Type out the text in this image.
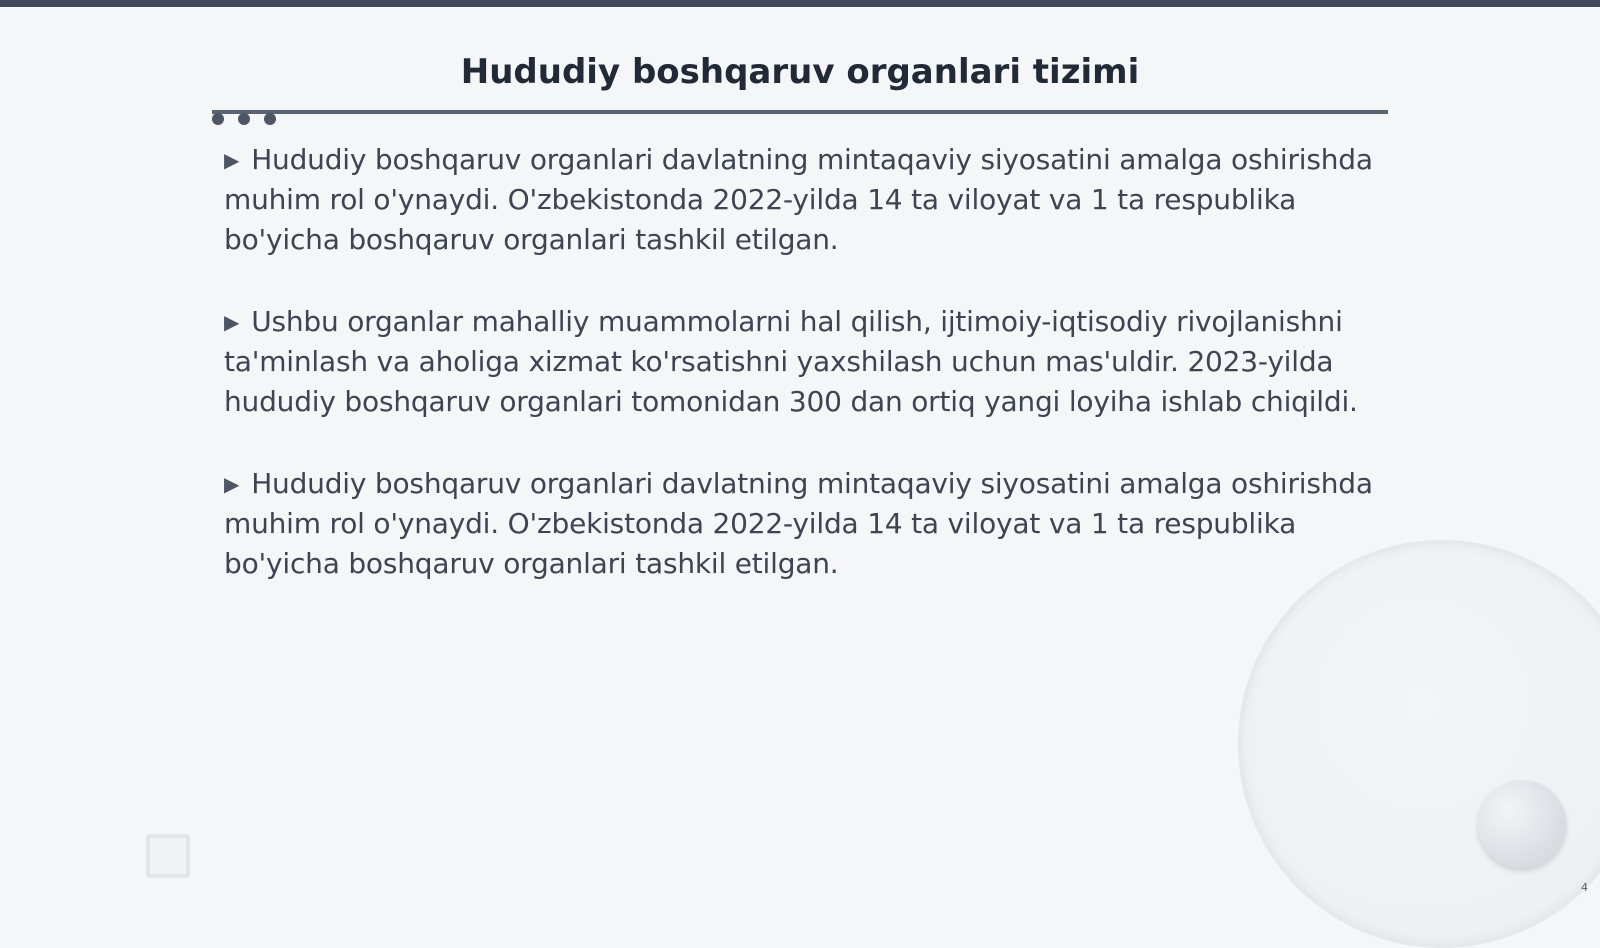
Hududiy boshqaruv organlari tizimi

▶ Hududiy boshqaruv organlari davlatning mintaqaviy siyosatini amalga oshirishda muhim rol o'ynaydi. O'zbekistonda 2022-yilda 14 ta viloyat va 1 ta respublika bo'yicha boshqaruv organlari tashkil etilgan.

▶ Ushbu organlar mahalliy muammolarni hal qilish, ijtimoiy-iqtisodiy rivojlanishni ta'minlash va aholiga xizmat ko'rsatishni yaxshilash uchun mas'uldir. 2023-yilda hududiy boshqaruv organlari tomonidan 300 dan ortiq yangi loyiha ishlab chiqildi.

▶ Hududiy boshqaruv organlari davlatning mintaqaviy siyosatini amalga oshirishda muhim rol o'ynaydi. O'zbekistonda 2022-yilda 14 ta viloyat va 1 ta respublika bo'yicha boshqaruv organlari tashkil etilgan.

4
